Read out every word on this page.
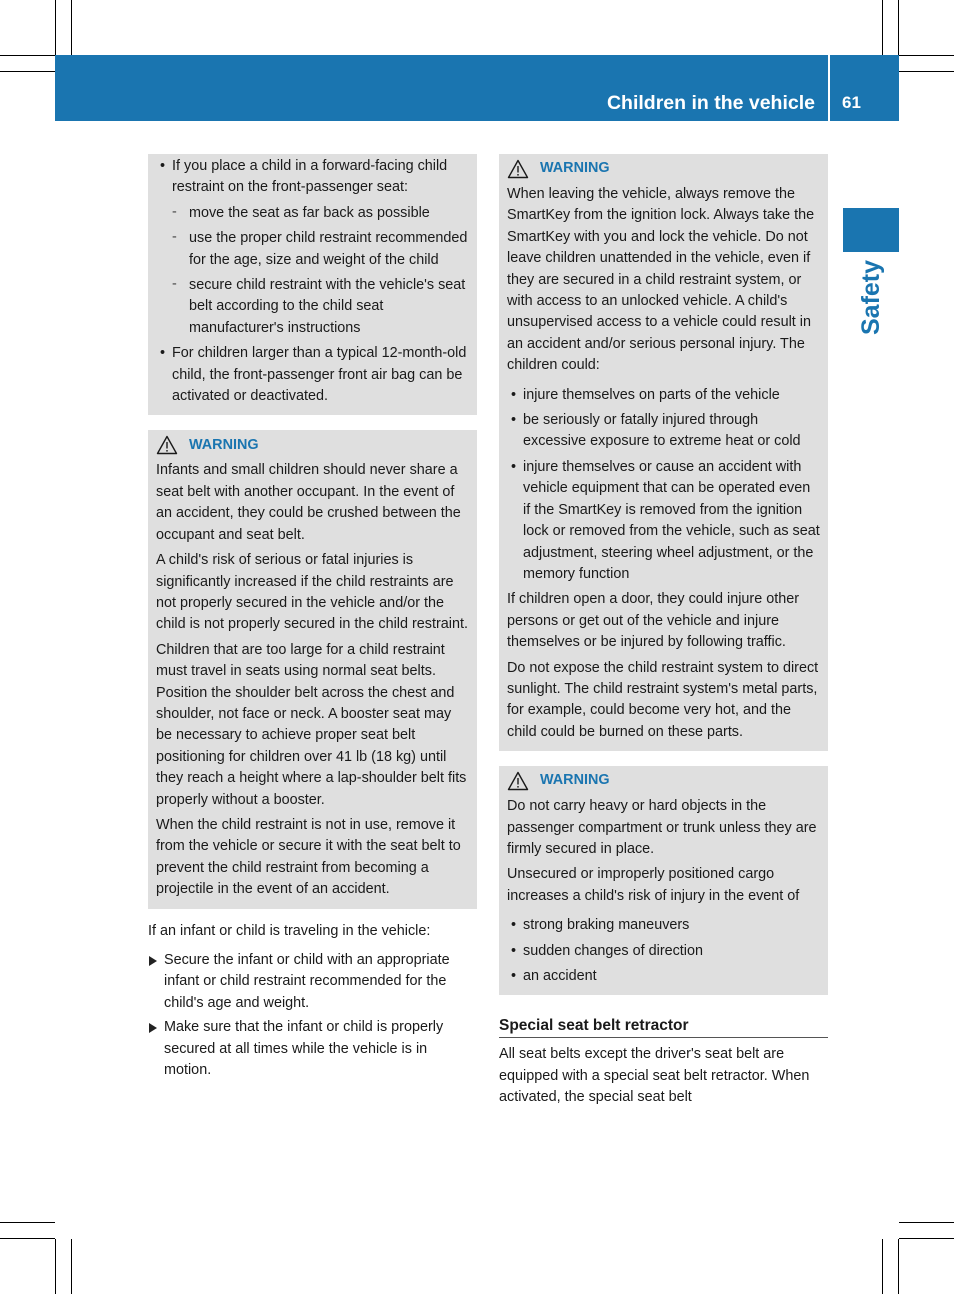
Children in the vehicle 61
Safety
• If you place a child in a forward-facing child restraint on the front-passenger seat:
- move the seat as far back as possible
- use the proper child restraint recommended for the age, size and weight of the child
- secure child restraint with the vehicle's seat belt according to the child seat manufacturer's instructions
• For children larger than a typical 12-month-old child, the front-passenger front air bag can be activated or deactivated.
WARNING

Infants and small children should never share a seat belt with another occupant. In the event of an accident, they could be crushed between the occupant and seat belt.

A child's risk of serious or fatal injuries is significantly increased if the child restraints are not properly secured in the vehicle and/or the child is not properly secured in the child restraint.

Children that are too large for a child restraint must travel in seats using normal seat belts. Position the shoulder belt across the chest and shoulder, not face or neck. A booster seat may be necessary to achieve proper seat belt positioning for children over 41 lb (18 kg) until they reach a height where a lap-shoulder belt fits properly without a booster.

When the child restraint is not in use, remove it from the vehicle or secure it with the seat belt to prevent the child restraint from becoming a projectile in the event of an accident.

If an infant or child is traveling in the vehicle:

Secure the infant or child with an appropriate infant or child restraint recommended for the child's age and weight.
Make sure that the infant or child is properly secured at all times while the vehicle is in motion.
WARNING

When leaving the vehicle, always remove the SmartKey from the ignition lock. Always take the SmartKey with you and lock the vehicle. Do not leave children unattended in the vehicle, even if they are secured in a child restraint system, or with access to an unlocked vehicle. A child's unsupervised access to a vehicle could result in an accident and/or serious personal injury. The children could:

• injure themselves on parts of the vehicle
• be seriously or fatally injured through excessive exposure to extreme heat or cold
• injure themselves or cause an accident with vehicle equipment that can be operated even if the SmartKey is removed from the ignition lock or removed from the vehicle, such as seat adjustment, steering wheel adjustment, or the memory function

If children open a door, they could injure other persons or get out of the vehicle and injure themselves or be injured by following traffic.

Do not expose the child restraint system to direct sunlight. The child restraint system's metal parts, for example, could become very hot, and the child could be burned on these parts.

WARNING

Do not carry heavy or hard objects in the passenger compartment or trunk unless they are firmly secured in place.

Unsecured or improperly positioned cargo increases a child's risk of injury in the event of

• strong braking maneuvers
• sudden changes of direction
• an accident
Special seat belt retractor

All seat belts except the driver's seat belt are equipped with a special seat belt retractor. When activated, the special seat belt
